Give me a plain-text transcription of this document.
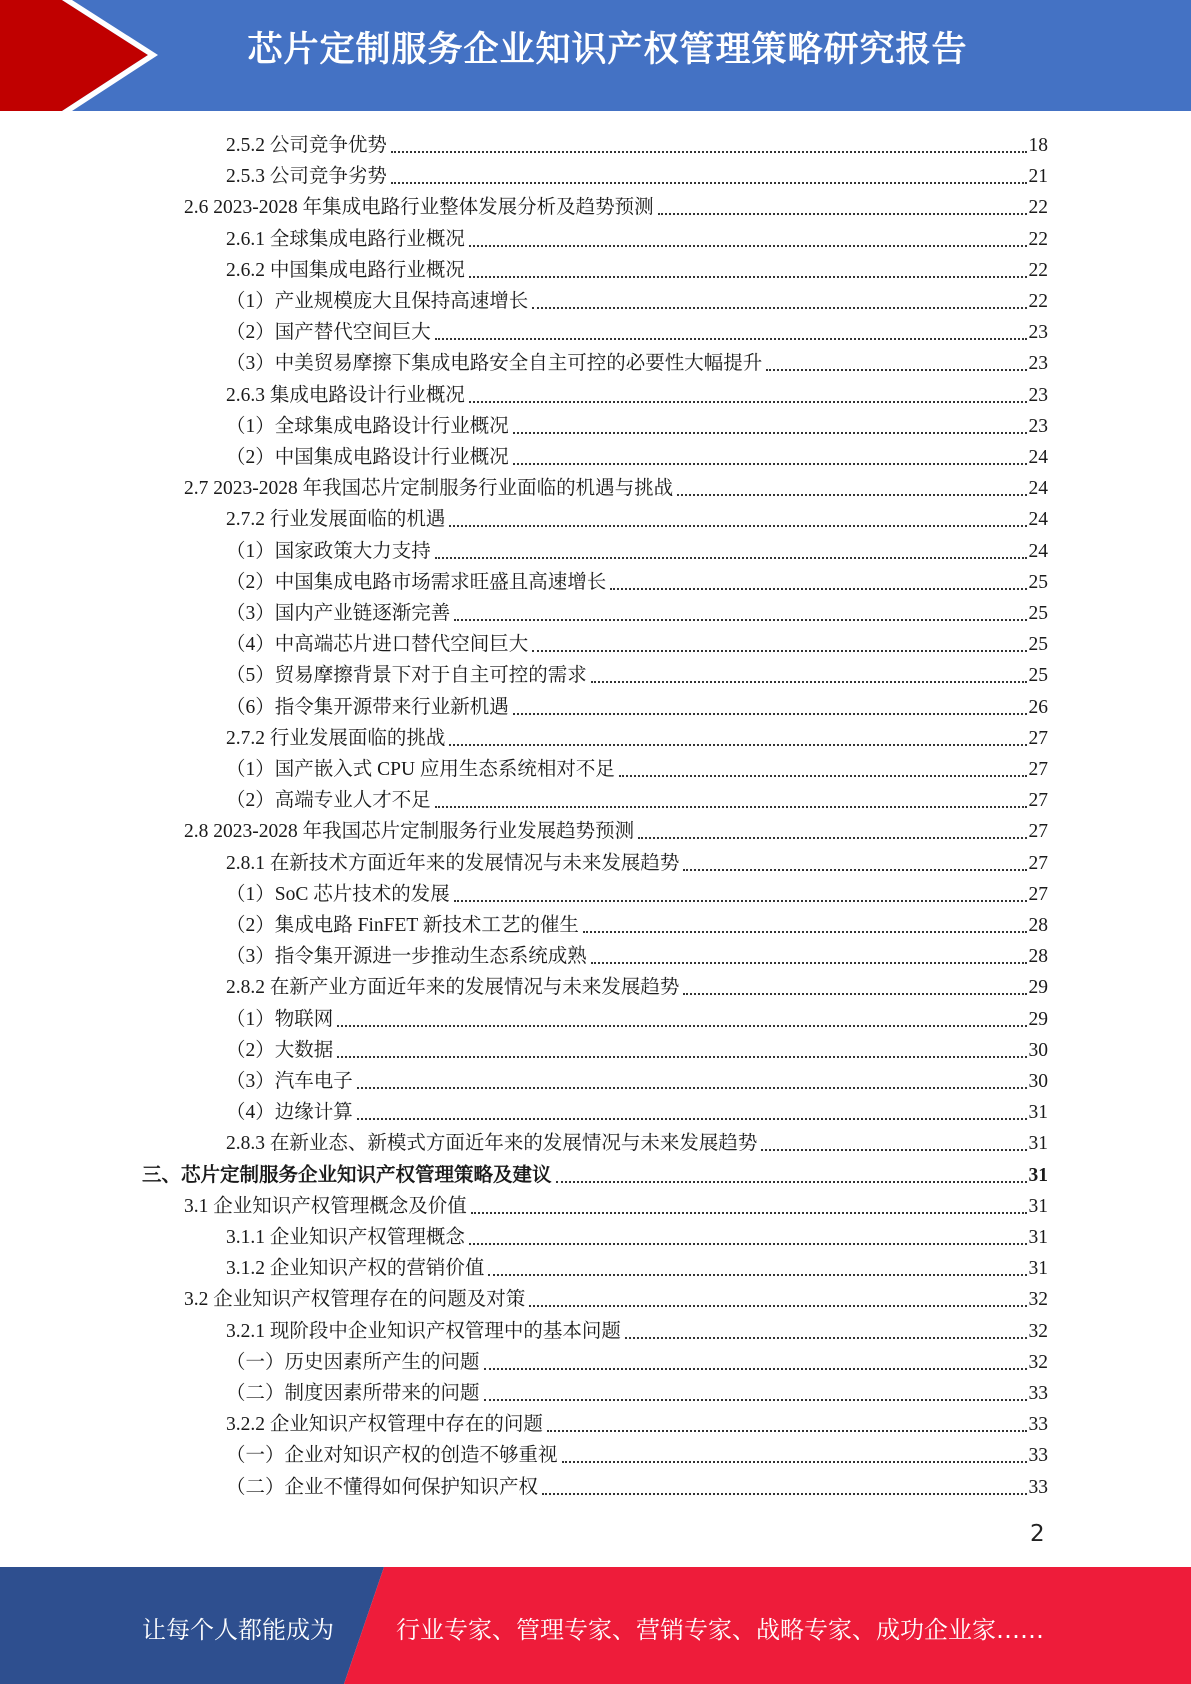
芯片定制服务企业知识产权管理策略研究报告
2.5.2 公司竞争优势	18
2.5.3 公司竞争劣势	21
2.6 2023-2028 年集成电路行业整体发展分析及趋势预测	22
2.6.1 全球集成电路行业概况	22
2.6.2 中国集成电路行业概况	22
（1）产业规模庞大且保持高速增长	22
（2）国产替代空间巨大	23
（3）中美贸易摩擦下集成电路安全自主可控的必要性大幅提升	23
2.6.3 集成电路设计行业概况	23
（1）全球集成电路设计行业概况	23
（2）中国集成电路设计行业概况	24
2.7 2023-2028 年我国芯片定制服务行业面临的机遇与挑战	24
2.7.2 行业发展面临的机遇	24
（1）国家政策大力支持	24
（2）中国集成电路市场需求旺盛且高速增长	25
（3）国内产业链逐渐完善	25
（4）中高端芯片进口替代空间巨大	25
（5）贸易摩擦背景下对于自主可控的需求	25
（6）指令集开源带来行业新机遇	26
2.7.2 行业发展面临的挑战	27
（1）国产嵌入式 CPU 应用生态系统相对不足	27
（2）高端专业人才不足	27
2.8 2023-2028 年我国芯片定制服务行业发展趋势预测	27
2.8.1 在新技术方面近年来的发展情况与未来发展趋势	27
（1）SoC 芯片技术的发展	27
（2）集成电路 FinFET 新技术工艺的催生	28
（3）指令集开源进一步推动生态系统成熟	28
2.8.2 在新产业方面近年来的发展情况与未来发展趋势	29
（1）物联网	29
（2）大数据	30
（3）汽车电子	30
（4）边缘计算	31
2.8.3 在新业态、新模式方面近年来的发展情况与未来发展趋势	31
三、芯片定制服务企业知识产权管理策略及建议	31
3.1 企业知识产权管理概念及价值	31
3.1.1 企业知识产权管理概念	31
3.1.2 企业知识产权的营销价值	31
3.2 企业知识产权管理存在的问题及对策	32
3.2.1 现阶段中企业知识产权管理中的基本问题	32
（一）历史因素所产生的问题	32
（二）制度因素所带来的问题	33
3.2.2 企业知识产权管理中存在的问题	33
（一）企业对知识产权的创造不够重视	33
（二）企业不懂得如何保护知识产权	33
2
让每个人都能成为	行业专家、管理专家、营销专家、战略专家、成功企业家……
